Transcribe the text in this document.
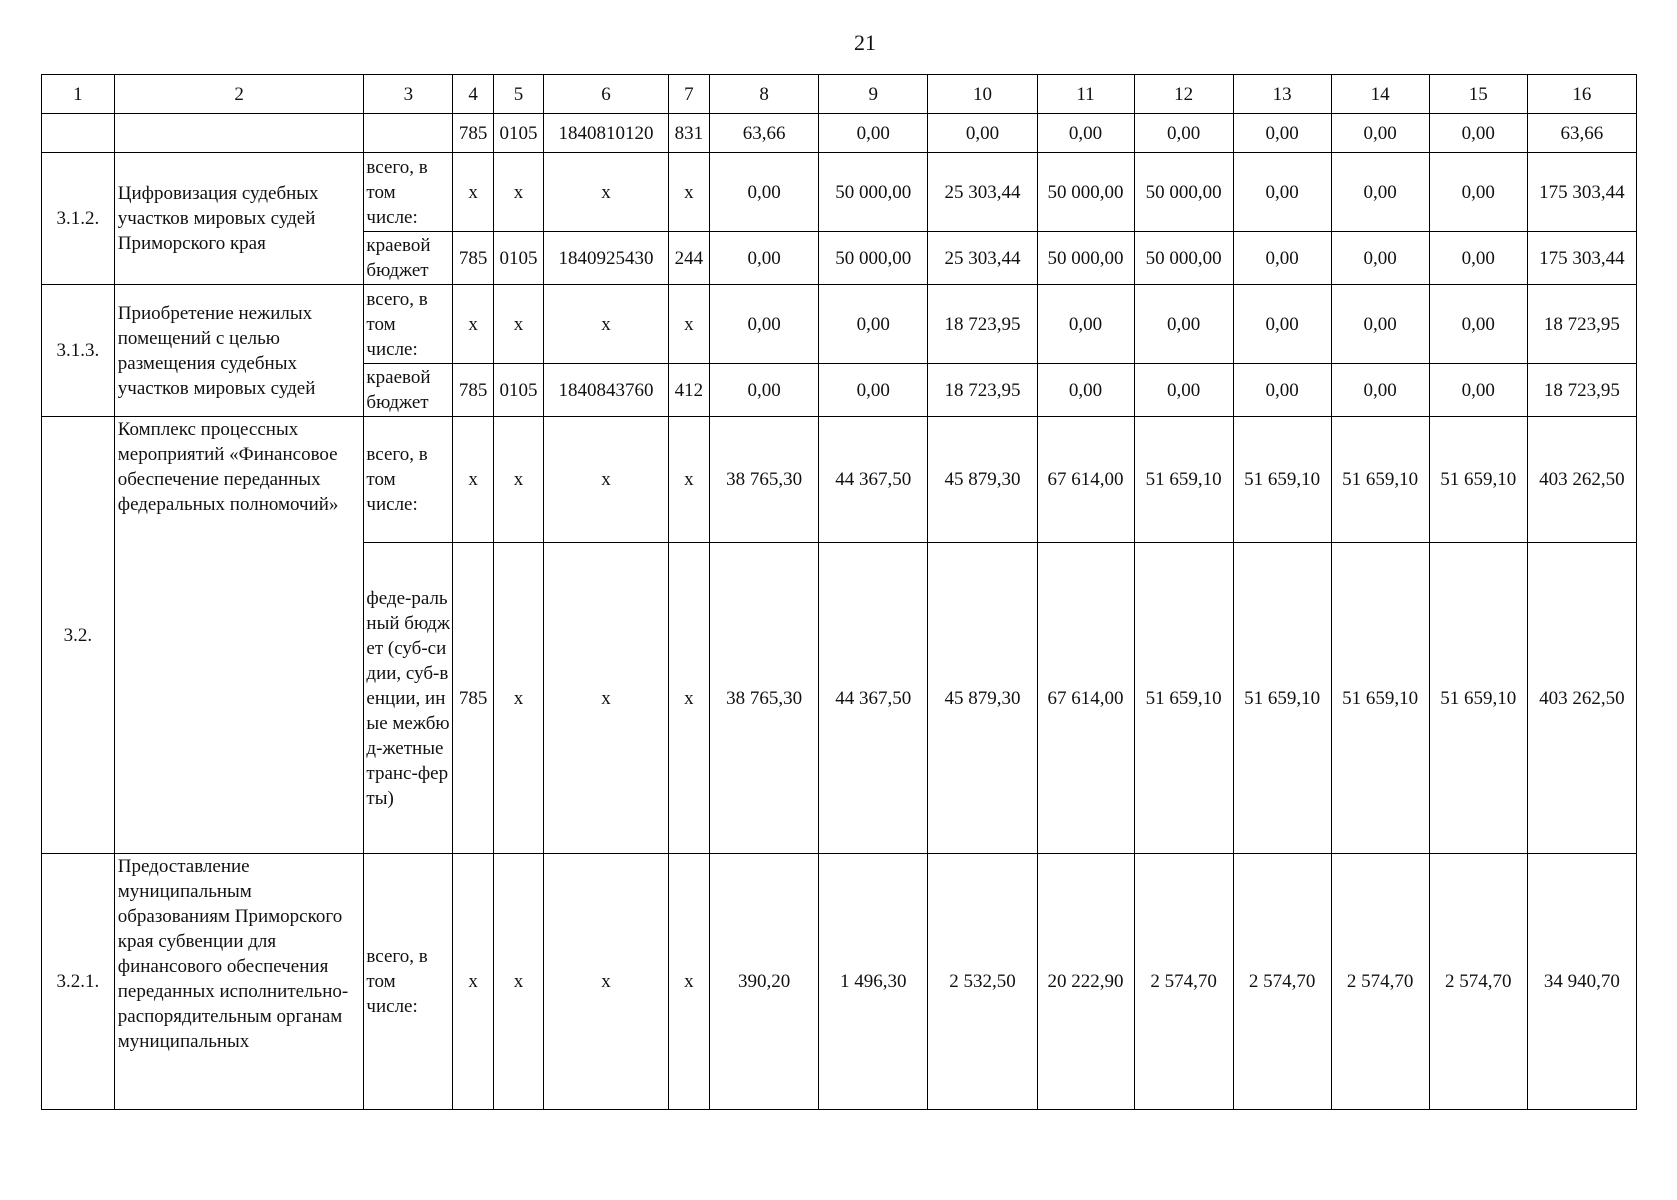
21
1	2	3	4	5	6	7	8	9	10	11	12	13	14	15	16
			785	0105	1840810120	831	63,66	0,00	0,00	0,00	0,00	0,00	0,00	0,00	63,66
3.1.2.	Цифровизация судебных участков мировых судей Приморского края	всего, в том числе:	х	х	х	х	0,00	50 000,00	25 303,44	50 000,00	50 000,00	0,00	0,00	0,00	175 303,44
		краевой бюджет	785	0105	1840925430	244	0,00	50 000,00	25 303,44	50 000,00	50 000,00	0,00	0,00	0,00	175 303,44
3.1.3.	Приобретение нежилых помещений с целью размещения судебных участков мировых судей	всего, в том числе:	х	х	х	х	0,00	0,00	18 723,95	0,00	0,00	0,00	0,00	0,00	18 723,95
		краевой бюджет	785	0105	1840843760	412	0,00	0,00	18 723,95	0,00	0,00	0,00	0,00	0,00	18 723,95
3.2.	Комплекс процессных мероприятий «Финансовое обеспечение переданных федеральных полномочий»	всего, в том числе:	х	х	х	х	38 765,30	44 367,50	45 879,30	67 614,00	51 659,10	51 659,10	51 659,10	51 659,10	403 262,50
		феде-ральный бюджет (суб-сидии, суб-венции, иные межбюд-жетные транс-ферты)	785	х	х	х	38 765,30	44 367,50	45 879,30	67 614,00	51 659,10	51 659,10	51 659,10	51 659,10	403 262,50
3.2.1.	Предоставление муниципальным образованиям Приморского края субвенции для финансового обеспечения переданных исполнительно-распорядительным органам муниципальных	всего, в том числе:	х	х	х	х	390,20	1 496,30	2 532,50	20 222,90	2 574,70	2 574,70	2 574,70	2 574,70	34 940,70
